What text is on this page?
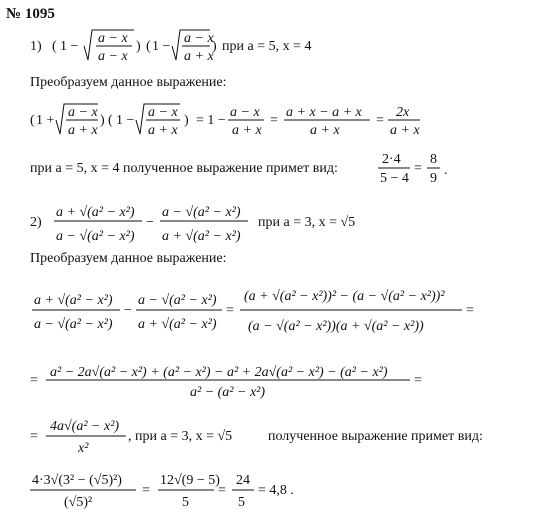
№ 1095
1) ( 1 −
a − x
a − x
) ( 1 −
a − x
a + x
) при a = 5, x = 4
Преобразуем данное выражение:
( 1 +
a − x
a + x
) ( 1 −
a − x
a + x
) = 1 −
a − x
a + x
=
a + x − a + x
a + x
=
2x
a + x
при a = 5, x = 4 полученное выражение примет вид:
2·4
5 − 4
=
8
9
.
2)
a + √(a² − x²)
a − √(a² − x²)
−
a − √(a² − x²)
a + √(a² − x²)
при a = 3, x = √5
Преобразуем данное выражение:
a + √(a² − x²)
a − √(a² − x²)
−
a − √(a² − x²)
a + √(a² − x²)
=
(a + √(a² − x²))² − (a − √(a² − x²))²
(a − √(a² − x²))(a + √(a² − x²))
=
=
a² − 2a√(a² − x²) + (a² − x²) − a² + 2a√(a² − x²) − (a² − x²)
a² − (a² − x²)
=
=
4a√(a² − x²)
x²
, при a = 3, x = √5	полученное выражение примет вид:
4·3√(3² − (√5)²)
(√5)²
=
12√(9 − 5)
5
=
24
5
= 4,8 .
